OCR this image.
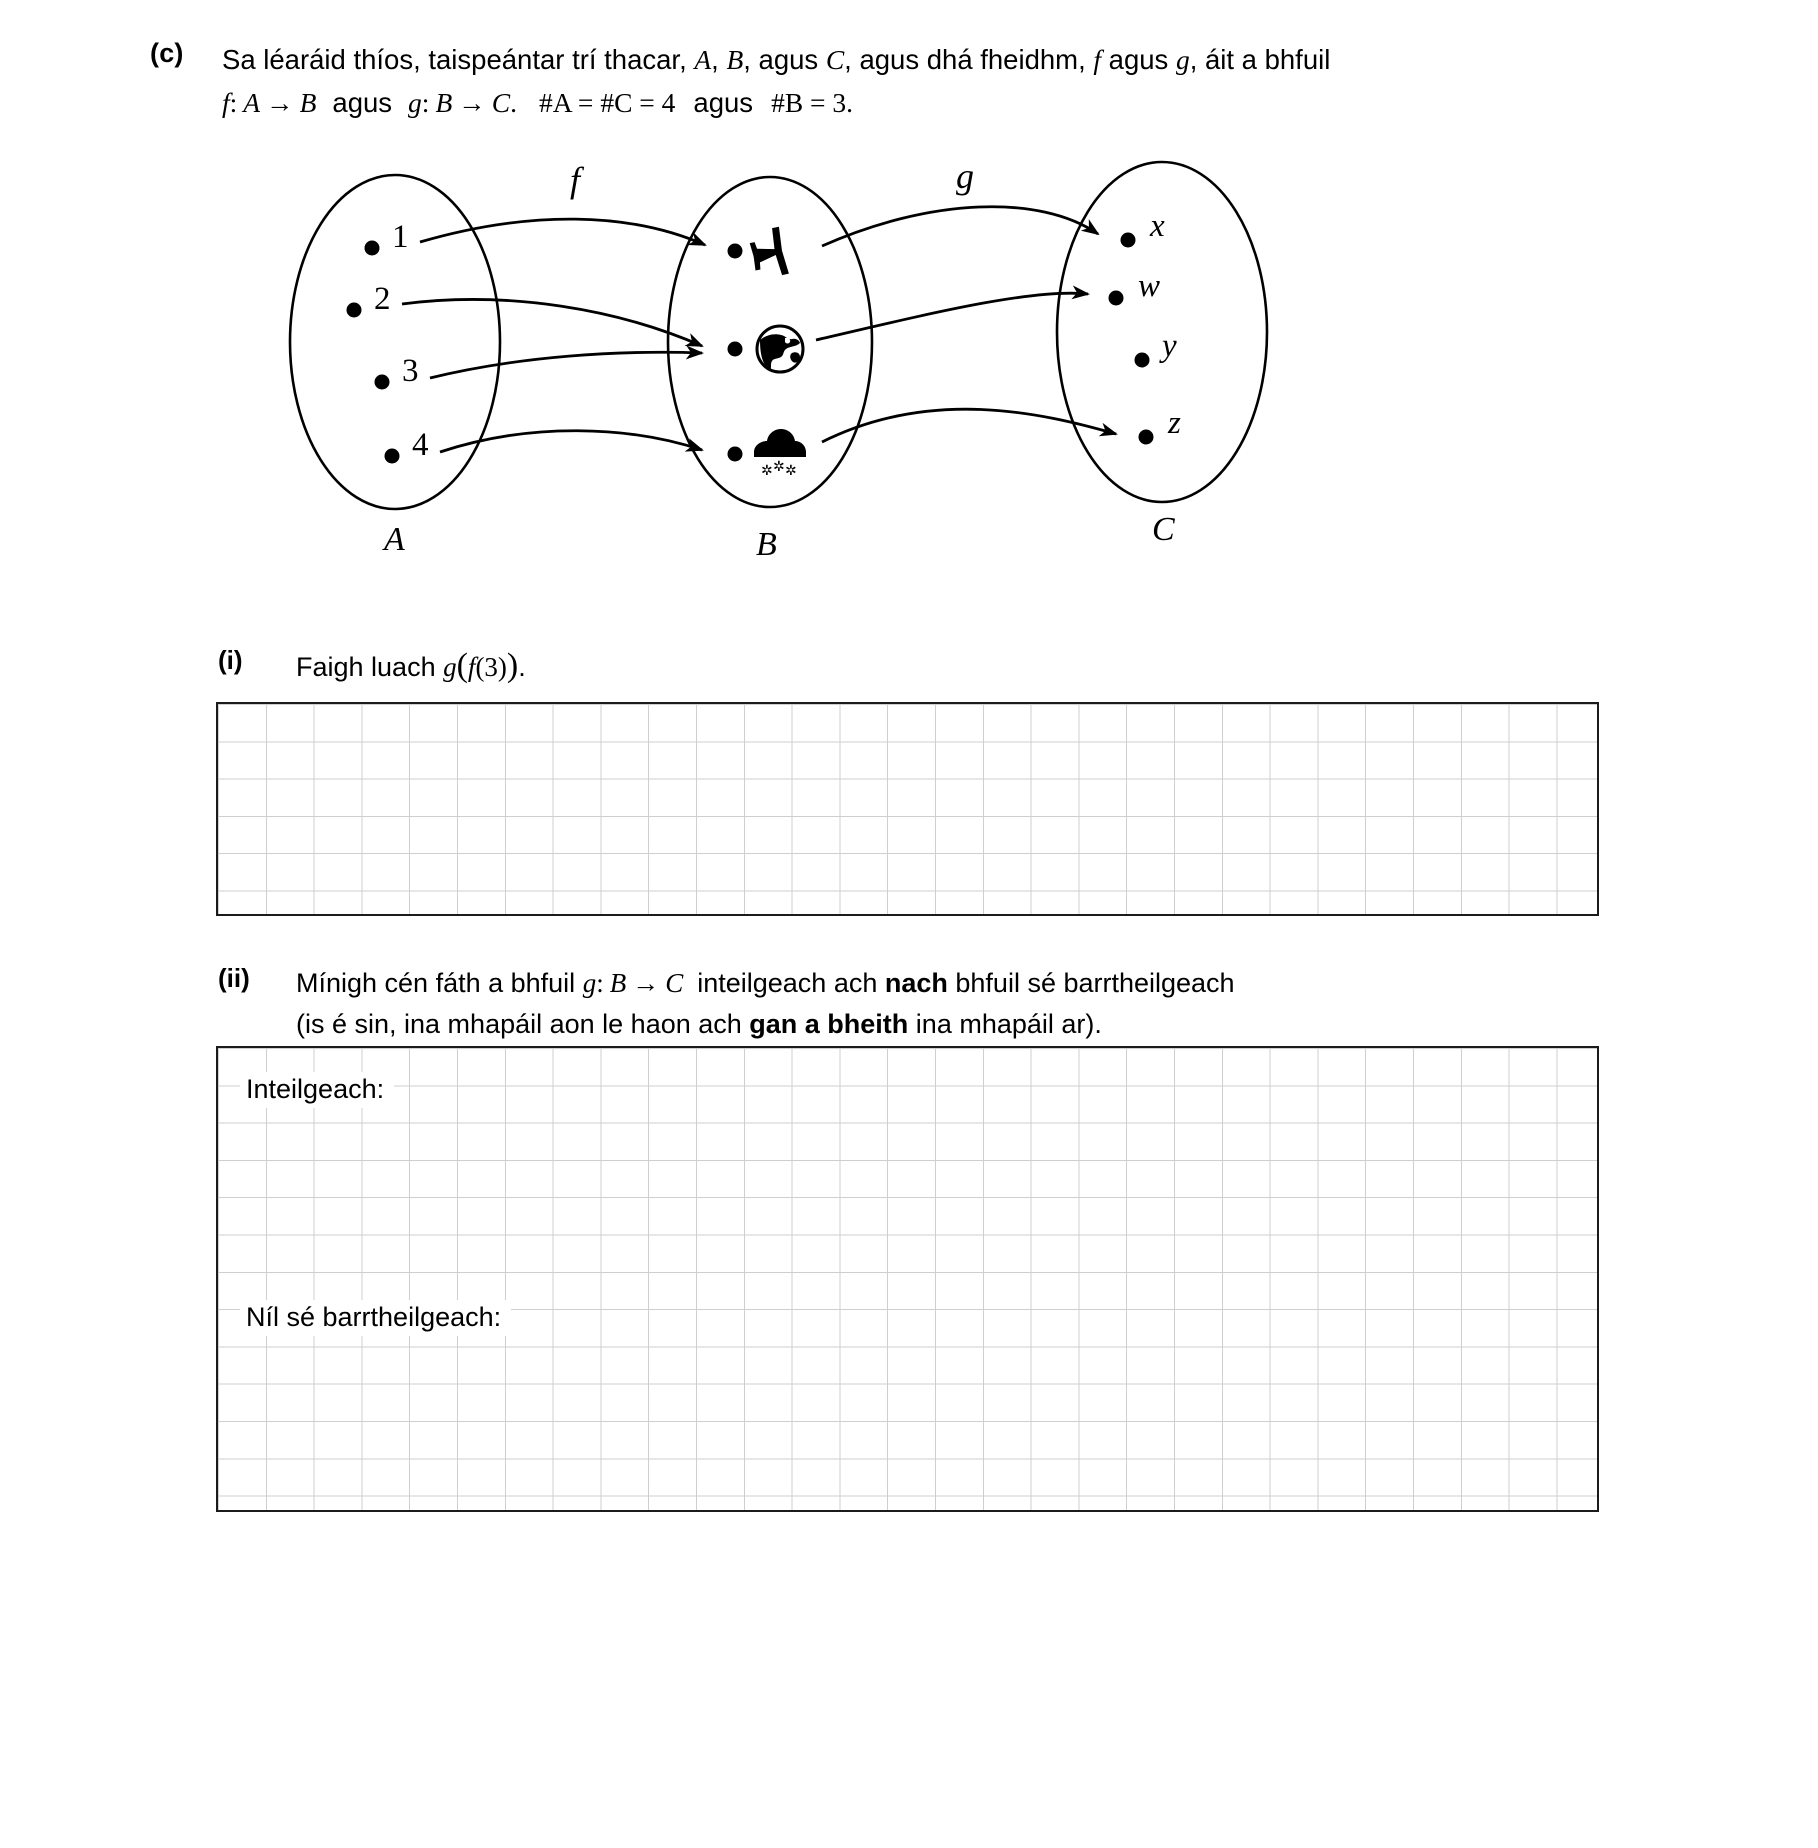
(c) Sa léaráid thíos, taispeántar trí thacar, A, B, agus C, agus dhá fheidhm, f agus g, áit a bhfuil
f: A → B agus g: B → C. #A = #C = 4 agus #B = 3.
1
2
3
4
✲ ✲ ✲
x
w
y
z
f	g
A	B	C
(i) Faigh luach g(f(3)).
(ii) Mínigh cén fáth a bhfuil g: B → C inteilgeach ach nach bhfuil sé barrtheilgeach
(is é sin, ina mhapáil aon le haon ach gan a bheith ina mhapáil ar).
Inteilgeach:
Níl sé barrtheilgeach:
